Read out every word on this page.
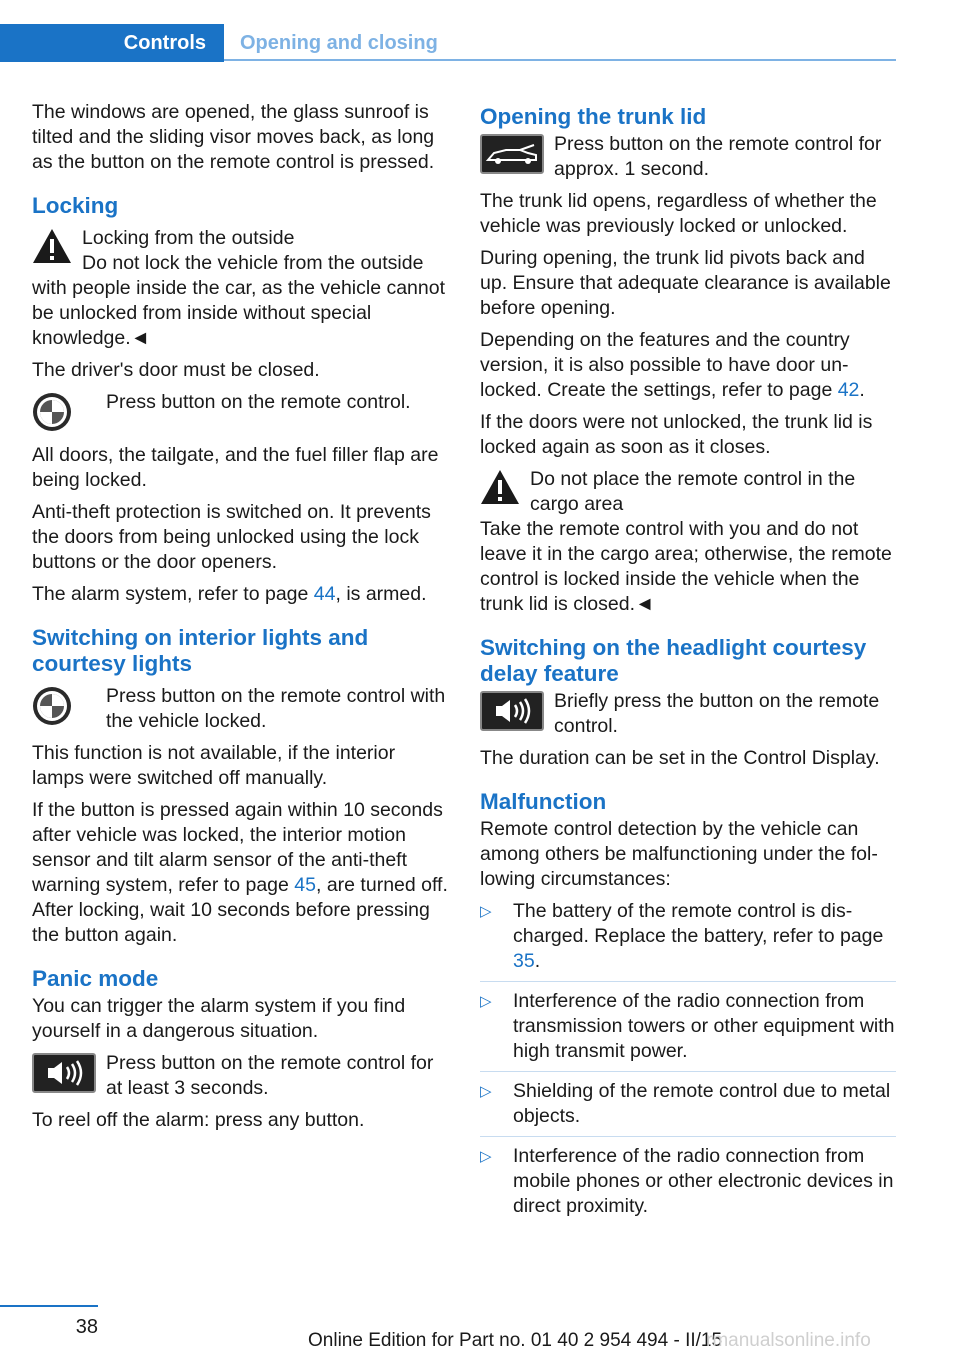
Controls	Opening and closing

The windows are opened, the glass sunroof is tilted and the sliding visor moves back, as long as the button on the remote control is pressed.

Locking

Locking from the outside

Do not lock the vehicle from the outside

with people inside the car, as the vehicle cannot be unlocked from inside without special knowledge.◄

The driver's door must be closed.

Press button on the remote control.

All doors, the tailgate, and the fuel filler flap are being locked.

Anti-theft protection is switched on. It prevents the doors from being unlocked using the lock buttons or the door openers.

The alarm system, refer to page 44, is armed.

Switching on interior lights and courtesy lights

Press button on the remote control with the vehicle locked.

This function is not available, if the interior lamps were switched off manually.

If the button is pressed again within 10 seconds after vehicle was locked, the interior motion sensor and tilt alarm sensor of the anti-theft warning system, refer to page 45, are turned off. After locking, wait 10 seconds before pressing the button again.

Panic mode

You can trigger the alarm system if you find yourself in a dangerous situation.

Press button on the remote control for at least 3 seconds.

To reel off the alarm: press any button.

Opening the trunk lid

Press button on the remote control for approx. 1 second.

The trunk lid opens, regardless of whether the vehicle was previously locked or unlocked.

During opening, the trunk lid pivots back and up. Ensure that adequate clearance is available before opening.

Depending on the features and the country version, it is also possible to have door unlocked. Create the settings, refer to page 42.

If the doors were not unlocked, the trunk lid is locked again as soon as it closes.

Do not place the remote control in the cargo area

Take the remote control with you and do not leave it in the cargo area; otherwise, the remote control is locked inside the vehicle when the trunk lid is closed.◄

Switching on the headlight courtesy delay feature

Briefly press the button on the remote control.

The duration can be set in the Control Display.

Malfunction

Remote control detection by the vehicle can among others be malfunctioning under the following circumstances:

▷ The battery of the remote control is discharged. Replace the battery, refer to page 35.
▷ Interference of the radio connection from transmission towers or other equipment with high transmit power.
▷ Shielding of the remote control due to metal objects.
▷ Interference of the radio connection from mobile phones or other electronic devices in direct proximity.
38
Online Edition for Part no. 01 40 2 954 494 - II/15
rmanualsonline.info
